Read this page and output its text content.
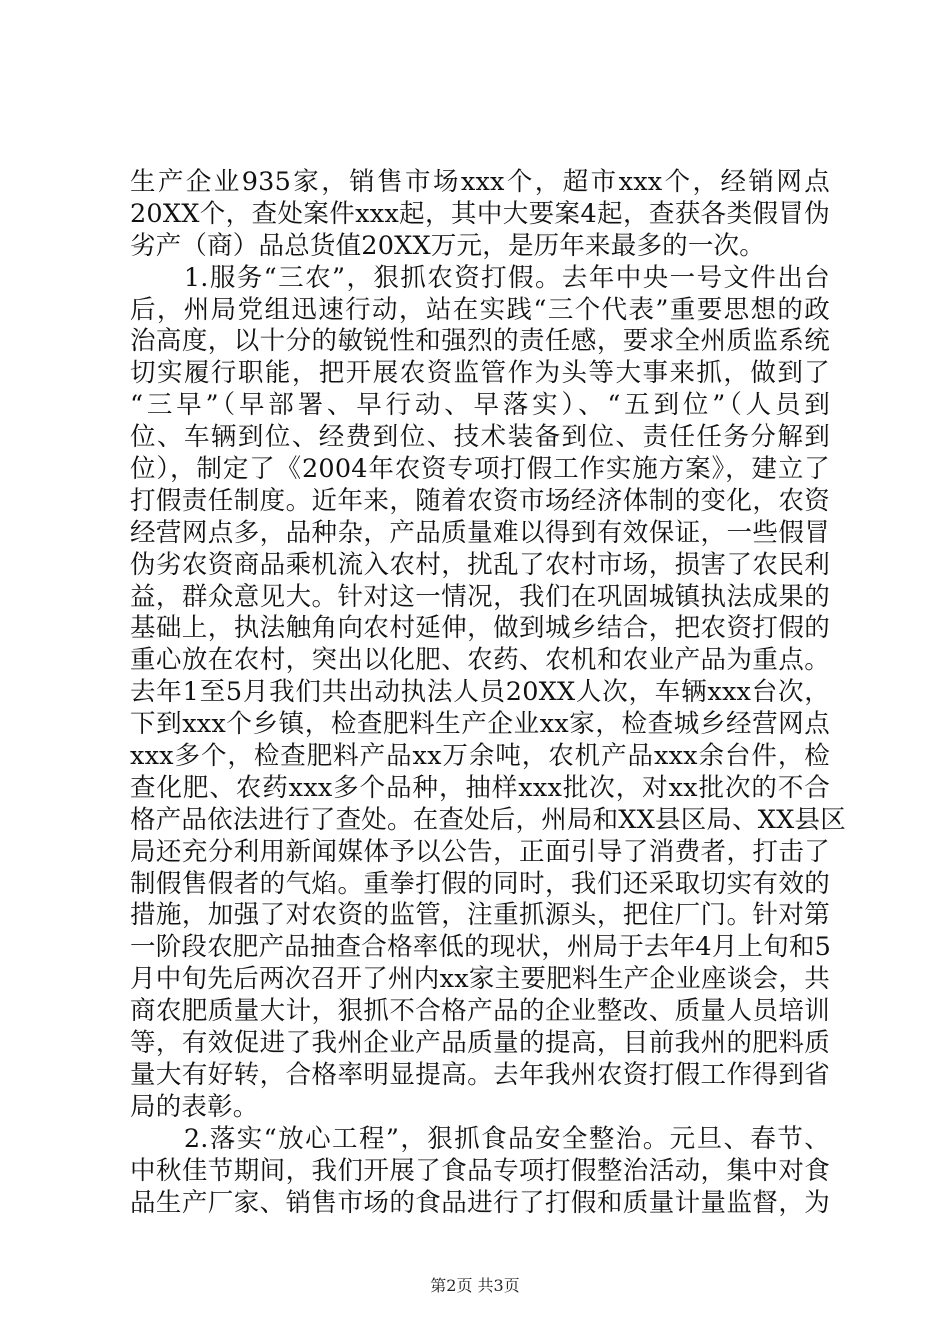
生产企业935家，销售市场xxx个，超市xxx个，经销网点
20XX个，查处案件xxx起，其中大要案4起，查获各类假冒伪
劣产（商）品总货值20XX万元，是历年来最多的一次。
　　1.服务“三农”，狠抓农资打假。去年中央一号文件出台
后，州局党组迅速行动，站在实践“三个代表”重要思想的政
治高度，以十分的敏锐性和强烈的责任感，要求全州质监系统
切实履行职能，把开展农资监管作为头等大事来抓，做到了
“三早”（早部署、早行动、早落实）、“五到位”（人员到
位、车辆到位、经费到位、技术装备到位、责任任务分解到
位），制定了《2004年农资专项打假工作实施方案》，建立了
打假责任制度。近年来，随着农资市场经济体制的变化，农资
经营网点多，品种杂，产品质量难以得到有效保证，一些假冒
伪劣农资商品乘机流入农村，扰乱了农村市场，损害了农民利
益，群众意见大。针对这一情况，我们在巩固城镇执法成果的
基础上，执法触角向农村延伸，做到城乡结合，把农资打假的
重心放在农村，突出以化肥、农药、农机和农业产品为重点。
去年1至5月我们共出动执法人员20XX人次，车辆xxx台次，
下到xxx个乡镇，检查肥料生产企业xx家，检查城乡经营网点
xxx多个，检查肥料产品xx万余吨，农机产品xxx余台件，检
查化肥、农药xxx多个品种，抽样xxx批次，对xx批次的不合
格产品依法进行了查处。在查处后，州局和XX县区局、XX县区
局还充分利用新闻媒体予以公告，正面引导了消费者，打击了
制假售假者的气焰。重拳打假的同时，我们还采取切实有效的
措施，加强了对农资的监管，注重抓源头，把住厂门。针对第
一阶段农肥产品抽查合格率低的现状，州局于去年4月上旬和5
月中旬先后两次召开了州内xx家主要肥料生产企业座谈会，共
商农肥质量大计，狠抓不合格产品的企业整改、质量人员培训
等，有效促进了我州企业产品质量的提高，目前我州的肥料质
量大有好转，合格率明显提高。去年我州农资打假工作得到省
局的表彰。
　　2.落实“放心工程”，狠抓食品安全整治。元旦、春节、
中秋佳节期间，我们开展了食品专项打假整治活动，集中对食
品生产厂家、销售市场的食品进行了打假和质量计量监督，为
第2页 共3页
